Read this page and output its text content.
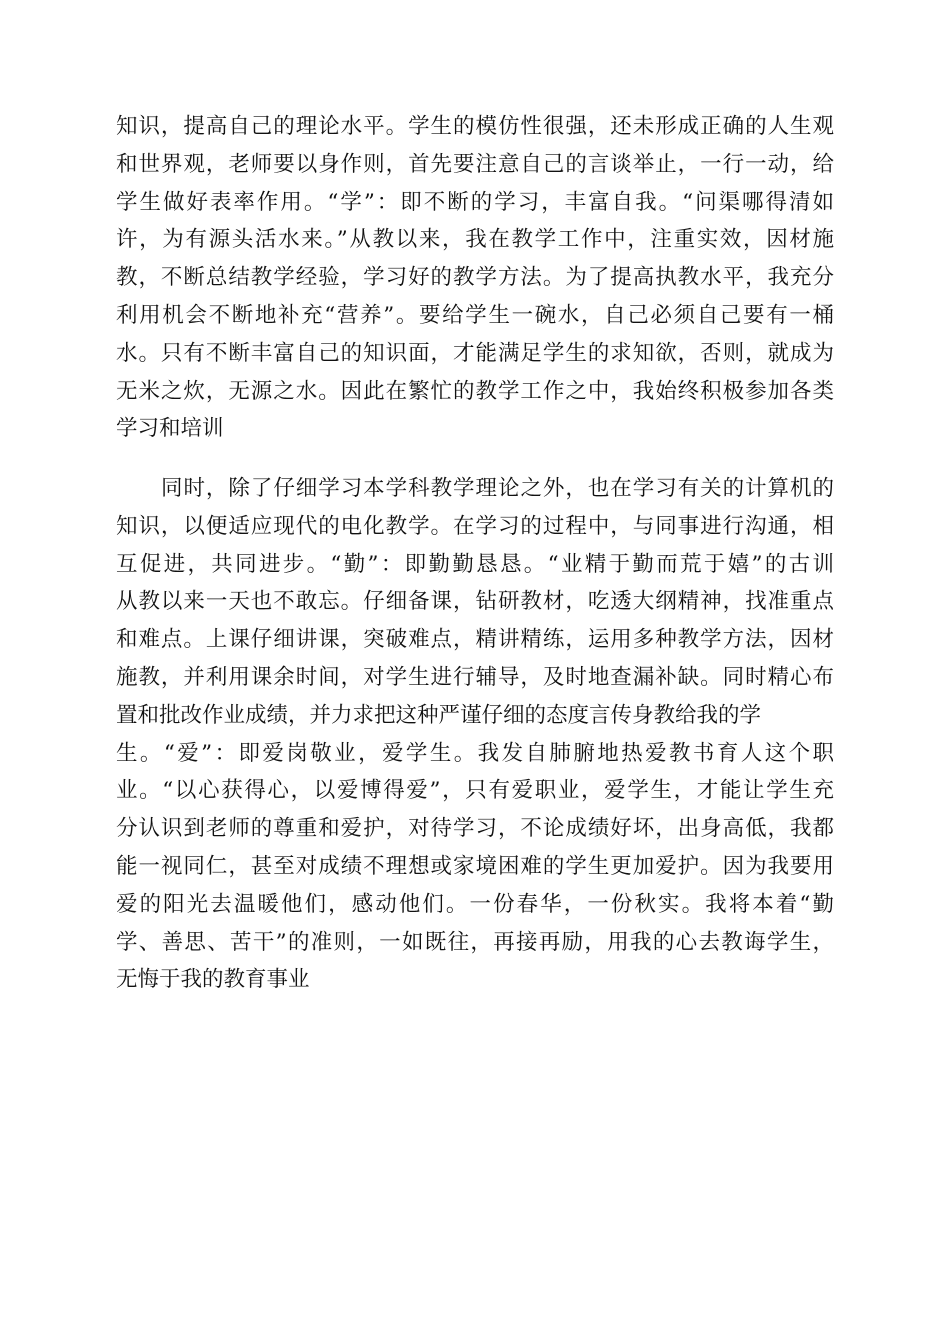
知识，提高自己的理论水平。学生的模仿性很强，还未形成正确的人生观
和世界观，老师要以身作则，首先要注意自己的言谈举止，一行一动，给
学生做好表率作用。“学”：即不断的学习，丰富自我。“问渠哪得清如
许，为有源头活水来。”从教以来，我在教学工作中，注重实效，因材施
教，不断总结教学经验，学习好的教学方法。为了提高执教水平，我充分
利用机会不断地补充“营养”。要给学生一碗水，自己必须自己要有一桶
水。只有不断丰富自己的知识面，才能满足学生的求知欲，否则，就成为
无米之炊，无源之水。因此在繁忙的教学工作之中，我始终积极参加各类
学习和培训
同时，除了仔细学习本学科教学理论之外，也在学习有关的计算机的
知识，以便适应现代的电化教学。在学习的过程中，与同事进行沟通，相
互促进，共同进步。“勤”：即勤勤恳恳。“业精于勤而荒于嬉”的古训
从教以来一天也不敢忘。仔细备课，钻研教材，吃透大纲精神，找准重点
和难点。上课仔细讲课，突破难点，精讲精练，运用多种教学方法，因材
施教，并利用课余时间，对学生进行辅导，及时地查漏补缺。同时精心布
置和批改作业成绩，并力求把这种严谨仔细的态度言传身教给我的学
生。“爱”：即爱岗敬业，爱学生。我发自肺腑地热爱教书育人这个职
业。“以心获得心，以爱博得爱”，只有爱职业，爱学生，才能让学生充
分认识到老师的尊重和爱护，对待学习，不论成绩好坏，出身高低，我都
能一视同仁，甚至对成绩不理想或家境困难的学生更加爱护。因为我要用
爱的阳光去温暖他们，感动他们。一份春华，一份秋实。我将本着“勤
学、善思、苦干”的准则，一如既往，再接再励，用我的心去教诲学生，
无悔于我的教育事业
